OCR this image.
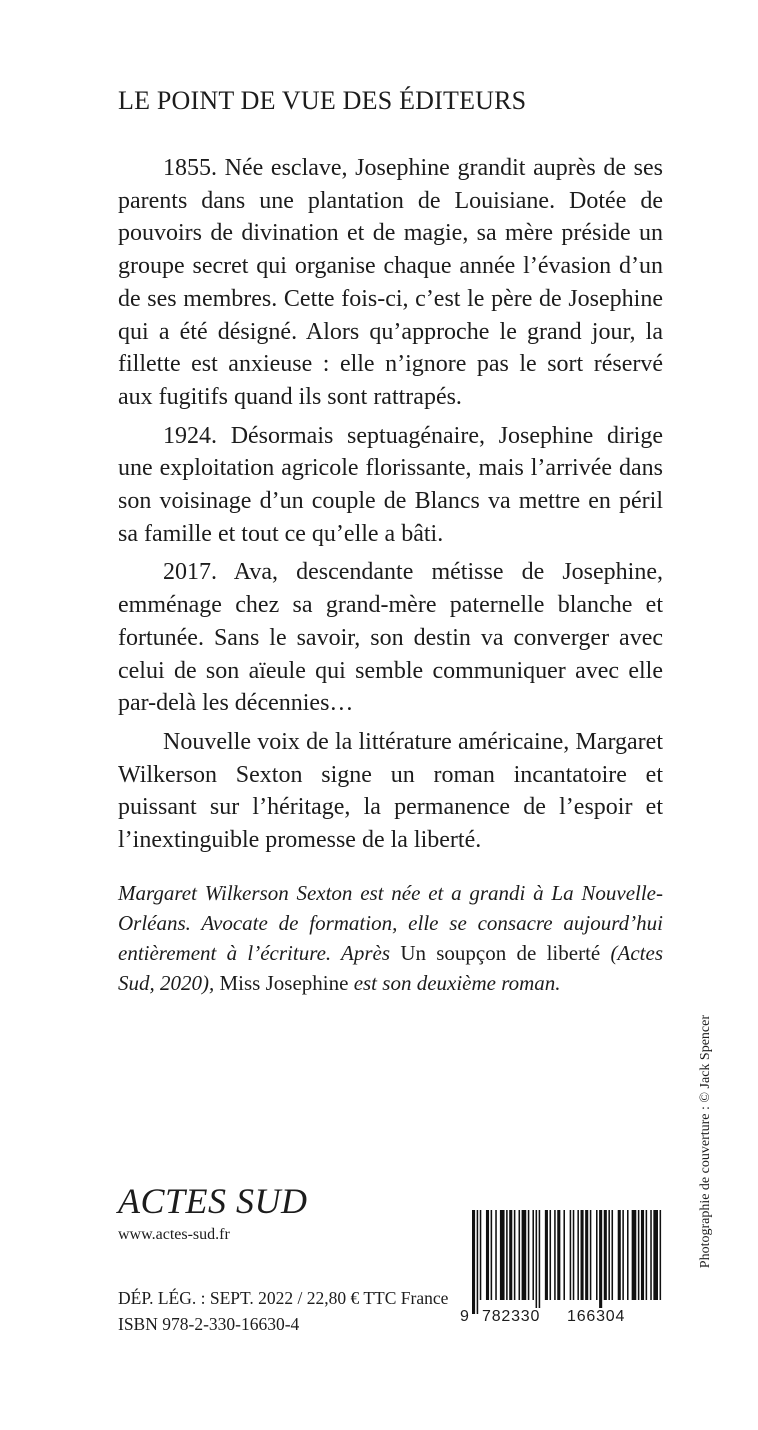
LE POINT DE VUE DES ÉDITEURS

1855. Née esclave, Josephine grandit auprès de ses parents dans une plantation de Louisiane. Dotée de pouvoirs de divination et de magie, sa mère préside un groupe secret qui organise chaque année l’évasion d’un de ses membres. Cette fois-ci, c’est le père de Josephine qui a été désigné. Alors qu’approche le grand jour, la fillette est anxieuse : elle n’ignore pas le sort réservé aux fugitifs quand ils sont rattrapés.

1924. Désormais septuagénaire, Josephine dirige une exploitation agricole florissante, mais l’arrivée dans son voisinage d’un couple de Blancs va mettre en péril sa famille et tout ce qu’elle a bâti.

2017. Ava, descendante métisse de Josephine, emménage chez sa grand-mère paternelle blanche et fortunée. Sans le savoir, son destin va converger avec celui de son aïeule qui semble communiquer avec elle par-delà les décennies…

Nouvelle voix de la littérature américaine, Margaret Wilkerson Sexton signe un roman incantatoire et puissant sur l’héritage, la permanence de l’espoir et l’inextinguible promesse de la liberté.

Margaret Wilkerson Sexton est née et a grandi à La Nouvelle-Orléans. Avocate de formation, elle se consacre aujourd’hui entièrement à l’écriture. Après Un soupçon de liberté (Actes Sud, 2020), Miss Josephine est son deuxième roman.
Photographie de couverture : © Jack Spencer
ACTES SUD
www.actes-sud.fr
DÉP. LÉG. : SEPT. 2022 / 22,80 € TTC France
ISBN 978-2-330-16630-4	9 782330 166304
